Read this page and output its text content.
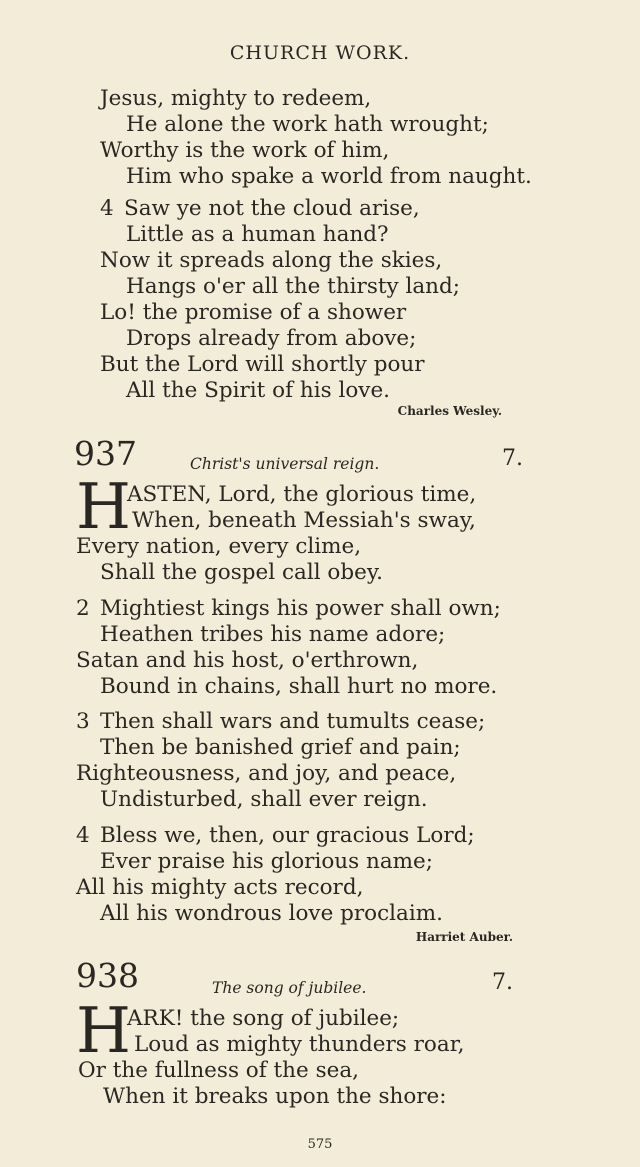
CHURCH WORK.
Jesus, mighty to redeem,
He alone the work hath wrought;
Worthy is the work of him,
Him who spake a world from naught.
4 Saw ye not the cloud arise,
Little as a human hand?
Now it spreads along the skies,
Hangs o'er all the thirsty land;
Lo! the promise of a shower
Drops already from above;
But the Lord will shortly pour
All the Spirit of his love.
Charles Wesley.
937	Christ's universal reign.	7.
H
ASTEN, Lord, the glorious time,
When, beneath Messiah's sway,
Every nation, every clime,
Shall the gospel call obey.
2 Mightiest kings his power shall own;
Heathen tribes his name adore;
Satan and his host, o'erthrown,
Bound in chains, shall hurt no more.
3 Then shall wars and tumults cease;
Then be banished grief and pain;
Righteousness, and joy, and peace,
Undisturbed, shall ever reign.
4 Bless we, then, our gracious Lord;
Ever praise his glorious name;
All his mighty acts record,
All his wondrous love proclaim.
Harriet Auber.
938	The song of jubilee.	7.
H
ARK! the song of jubilee;
Loud as mighty thunders roar,
Or the fullness of the sea,
When it breaks upon the shore:
575
